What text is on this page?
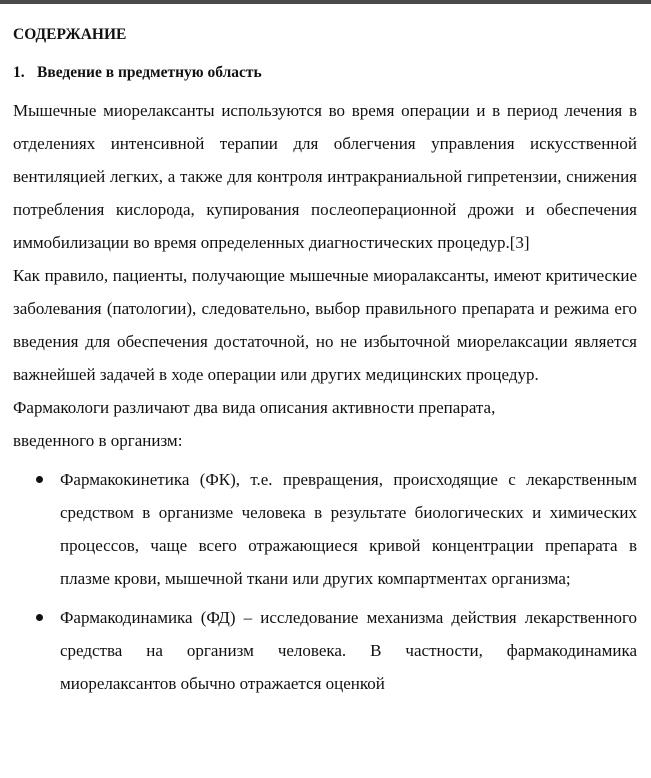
СОДЕРЖАНИЕ
1. Введение в предметную область

Мышечные миорелаксанты используются во время операции и в период лечения в отделениях интенсивной терапии для облегчения управления искусственной вентиляцией легких, а также для контроля интракраниальной гипретензии, снижения потребления кислорода, купирования послеоперационной дрожи и обеспечения иммобилизации во время определенных диагностических процедур.[3]

Как правило, пациенты, получающие мышечные миоралаксанты, имеют критические заболевания (патологии), следовательно, выбор правильного препарата и режима его введения для обеспечения достаточной, но не избыточной миорелаксации является важнейшей задачей в ходе операции или других медицинских процедур.

Фармакологи различают два вида описания активности препарата,

введенного в организм:

Фармакокинетика (ФК), т.е. превращения, происходящие с лекарственным средством в организме человека в результате биологических и химических процессов, чаще всего отражающиеся кривой концентрации препарата в плазме крови, мышечной ткани или других компартментах организма;
Фармакодинамика (ФД) – исследование механизма действия лекарственного средства на организм человека. В частности, фармакодинамика миорелаксантов обычно отражается оценкой
